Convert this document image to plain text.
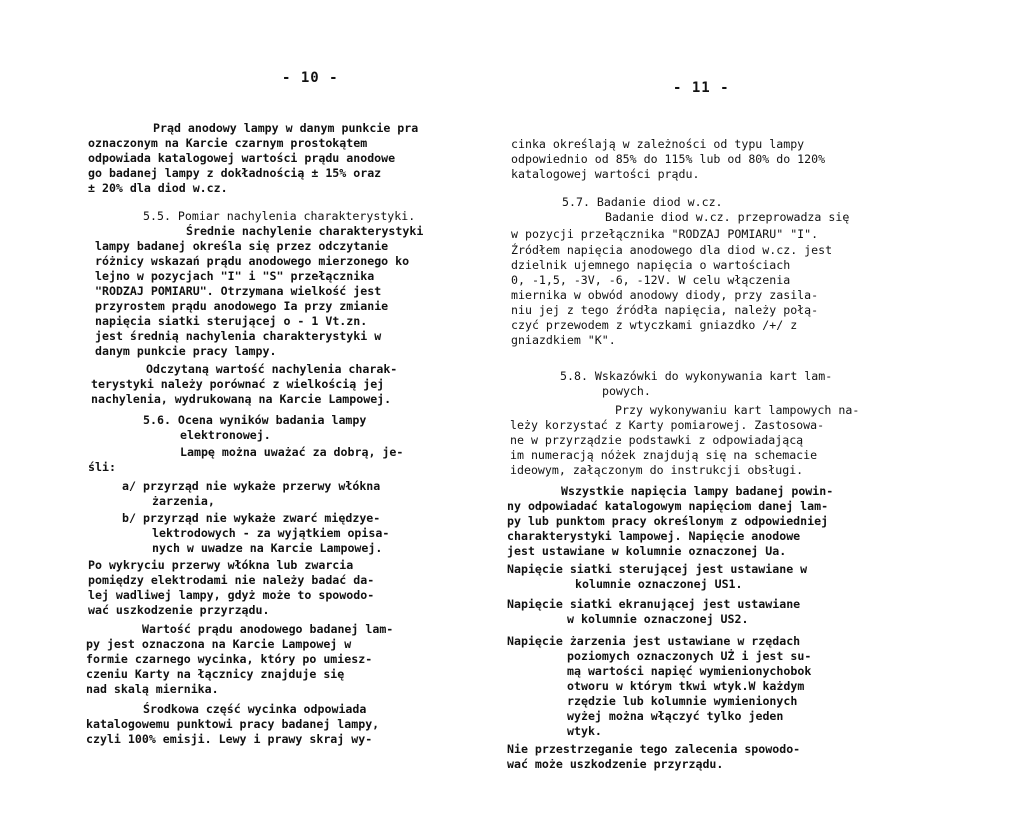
- 10 -
Prąd anodowy lampy w danym punkcie pra
oznaczonym na Karcie czarnym prostokątem
odpowiada katalogowej wartości prądu anodowe
go badanej lampy z dokładnością ± 15% oraz
± 20% dla diod w.cz.
5.5. Pomiar nachylenia charakterystyki.
Średnie nachylenie charakterystyki
lampy badanej określa się przez odczytanie
różnicy wskazań prądu anodowego mierzonego ko
lejno w pozycjach "I" i "S" przełącznika
"RODZAJ POMIARU". Otrzymana wielkość jest
przyrostem prądu anodowego Ia przy zmianie
napięcia siatki sterującej o - 1 Vt.zn.
jest średnią nachylenia charakterystyki w
danym punkcie pracy lampy.
Odczytaną wartość nachylenia charak-
terystyki należy porównać z wielkością jej
nachylenia, wydrukowaną na Karcie Lampowej.
5.6. Ocena wyników badania lampy
elektronowej.
Lampę można uważać za dobrą, je-
śli:
a/ przyrząd nie wykaże przerwy włókna
żarzenia,
b/ przyrząd nie wykaże zwarć międzye-
lektrodowych - za wyjątkiem opisa-
nych w uwadze na Karcie Lampowej.
Po wykryciu przerwy włókna lub zwarcia
pomiędzy elektrodami nie należy badać da-
lej wadliwej lampy, gdyż może to spowodo-
wać uszkodzenie przyrządu.
Wartość prądu anodowego badanej lam-
py jest oznaczona na Karcie Lampowej w
formie czarnego wycinka, który po umiesz-
czeniu Karty na łącznicy znajduje się
nad skalą miernika.
Środkowa część wycinka odpowiada
katalogowemu punktowi pracy badanej lampy,
czyli 100% emisji. Lewy i prawy skraj wy-
- 11 -
cinka określają w zależności od typu lampy
odpowiednio od 85% do 115% lub od 80% do 120%
katalogowej wartości prądu.
5.7. Badanie diod w.cz.
Badanie diod w.cz. przeprowadza się
w pozycji przełącznika "RODZAJ POMIARU" "I".
Źródłem napięcia anodowego dla diod w.cz. jest
dzielnik ujemnego napięcia o wartościach
0, -1,5, -3V, -6, -12V. W celu włączenia
miernika w obwód anodowy diody, przy zasila-
niu jej z tego źródła napięcia, należy połą-
czyć przewodem z wtyczkami gniazdko /+/ z
gniazdkiem "K".
5.8. Wskazówki do wykonywania kart lam-
powych.
Przy wykonywaniu kart lampowych na-
leży korzystać z Karty pomiarowej. Zastosowa-
ne w przyrządzie podstawki z odpowiadającą
im numeracją nóżek znajdują się na schemacie
ideowym, załączonym do instrukcji obsługi.
Wszystkie napięcia lampy badanej powin-
ny odpowiadać katalogowym napięciom danej lam-
py lub punktom pracy określonym z odpowiedniej
charakterystyki lampowej. Napięcie anodowe
jest ustawiane w kolumnie oznaczonej Ua.
Napięcie siatki sterującej jest ustawiane w
kolumnie oznaczonej US1.
Napięcie siatki ekranującej jest ustawiane
w kolumnie oznaczonej US2.
Napięcie żarzenia jest ustawiane w rzędach
poziomych oznaczonych UŻ i jest su-
mą wartości napięć wymienionychobok
otworu w którym tkwi wtyk.W każdym
rzędzie lub kolumnie wymienionych
wyżej można włączyć tylko jeden
wtyk.
Nie przestrzeganie tego zalecenia spowodo-
wać może uszkodzenie przyrządu.
